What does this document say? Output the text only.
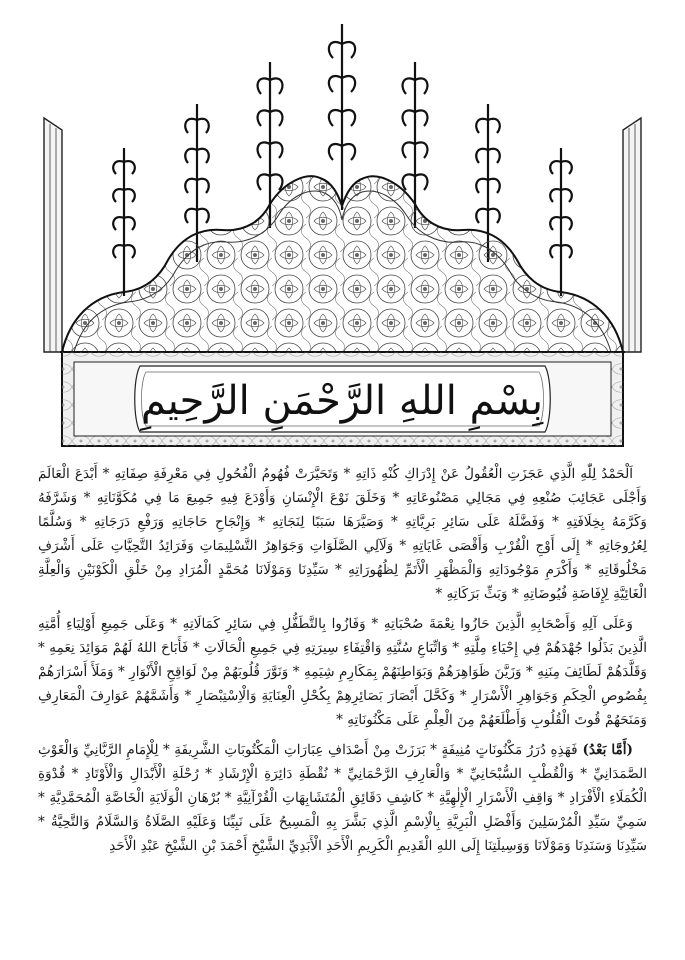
بِسْمِ اللهِ الرَّحْمَنِ الرَّحِيمِ

اَلْحَمْدُ لِلّٰهِ الَّذِي عَجَزَتِ الْعُقُولُ عَنْ إِدْرَاكِ كُنْهِ ذَاتِهِ * وَتَحَيَّرَتْ فُهُومُ الْفُحُولِ فِي مَعْرِفَةِ صِفَاتِهِ * أَبْدَعَ الْعَالَمَ وَأَجْلَى عَجَائِبَ صُنْعِهِ فِي مَجَالِي مَصْنُوعَاتِهِ * وَخَلَقَ نَوْعَ الْإِنْسَانِ وَأَوْدَعَ فِيهِ جَمِيعَ مَا فِي مُكَوَّنَاتِهِ * وَشَرَّفَهُ وَكَرَّمَهُ بِخِلَافَتِهِ * وَفَضَّلَهُ عَلَى سَائِرِ بَرِيَّاتِهِ * وَصَيَّرَهَا سَبَبًا لِنَجَاتِهِ * وَإِنْجَاحِ حَاجَاتِهِ وَرَفْعِ دَرَجَاتِهِ * وَسُلَّمًا لِعُرُوجَاتِهِ * إِلَى أَوْجِ الْقُرْبِ وَأَقْصَى غَايَاتِهِ * وَلَآلِي الصَّلَوَاتِ وَجَوَاهِرُ التَّسْلِيمَاتِ وَفَرَائِدُ التَّحِيَّاتِ عَلَى أَشْرَفِ مَخْلُوقَاتِهِ * وَأَكْرَمِ مَوْجُودَاتِهِ وَالْمَظْهَرِ الْأَتَمِّ لِظُهُورَاتِهِ * سَيِّدِنَا وَمَوْلَانَا مُحَمَّدٍ الْمُرَادِ مِنْ خَلْقِ الْكَوْنَيْنِ وَالْعِلَّةِ الْغَائِيَّةِ لِإِفَاضَةِ فُيُوضَاتِهِ * وَبَثِّ بَرَكَاتِهِ *

وَعَلَى آلِهِ وَأَصْحَابِهِ الَّذِينَ حَازُوا نِعْمَةَ صُحْبَاتِهِ * وَفَازُوا بِالتَّطَفُّلِ فِي سَائِرِ كَمَالَاتِهِ * وَعَلَى جَمِيعِ أَوْلِيَاءِ أُمَّتِهِ الَّذِينَ بَذَلُوا جُهْدَهُمْ فِي إِحْيَاءِ مِلَّتِهِ * وَاتِّبَاعِ سُنَّتِهِ وَاقْتِفَاءِ سِيرَتِهِ فِي جَمِيعِ الْحَالَاتِ * فَأَبَاحَ اللهُ لَهُمْ مَوَائِدَ نِعَمِهِ * وَقَلَّدَهُمْ لَطَائِفَ مِنَنِهِ * وَزَيَّنَ ظَوَاهِرَهُمْ وَبَوَاطِنَهُمْ بِمَكَارِمِ شِيَمِهِ * وَنَوَّرَ قُلُوبَهُمْ مِنْ لَوَاقِحِ الْأَنْوَارِ * وَمَلَأَ أَسْرَارَهُمْ بِفُصُوصِ الْحِكَمِ وَجَوَاهِرِ الْأَسْرَارِ * وَكَحَّلَ أَبْصَارَ بَصَائِرِهِمْ بِكُحْلِ الْعِنَايَةِ وَالْاِسْتِبْصَارِ * وَأَشَمَّهُمْ عَوَارِفَ الْمَعَارِفِ وَمَنَحَهُمْ قُوتَ الْقُلُوبِ وَأَطْلَعَهُمْ مِنَ الْعِلْمِ عَلَى مَكْنُونَاتِهِ *

(أَمَّا بَعْدُ) فَهَذِهِ دُرَرُ مَكْنُونَاتٍ مُنِيفَةٍ * بَرَزَتْ مِنْ أَصْدَافِ عِبَارَاتِ الْمَكْتُوبَاتِ الشَّرِيفَةِ * لِلْإِمَامِ الرَّبَّانِيِّ وَالْغَوْثِ الصَّمَدَانِيِّ * وَالْقُطْبِ السُّبْحَانِيِّ * وَالْعَارِفِ الرَّحْمَانِيِّ * نُقْطَةِ دَائِرَةِ الْإِرْشَادِ * رُحْلَةِ الْأَبْدَالِ وَالْأَوْتَادِ * قُدْوَةِ الْكُمَلَاءِ الْأَفْرَادِ * وَاقِفِ الْأَسْرَارِ الْإِلٰهِيَّةِ * كَاشِفِ دَقَائِقِ الْمُتَشَابِهَاتِ الْقُرْآنِيَّةِ * بُرْهَانِ الْوَلَايَةِ الْخَاصَّةِ الْمُحَمَّدِيَّةِ * سَمِيِّ سَيِّدِ الْمُرْسَلِينَ وَأَفْضَلِ الْبَرِيَّةِ بِالْاِسْمِ الَّذِي بَشَّرَ بِهِ الْمَسِيحُ عَلَى نَبِيِّنَا وَعَلَيْهِ الصَّلَاةُ وَالسَّلَامُ وَالتَّحِيَّةُ * سَيِّدِنَا وَسَنَدِنَا وَمَوْلَانَا وَوَسِيلَتِنَا إِلَى اللهِ الْقَدِيمِ الْكَرِيمِ الْأَحَدِ الْأَبَدِيِّ الشَّيْخِ أَحْمَدَ بْنِ الشَّيْخِ عَبْدِ الْأَحَدِ
